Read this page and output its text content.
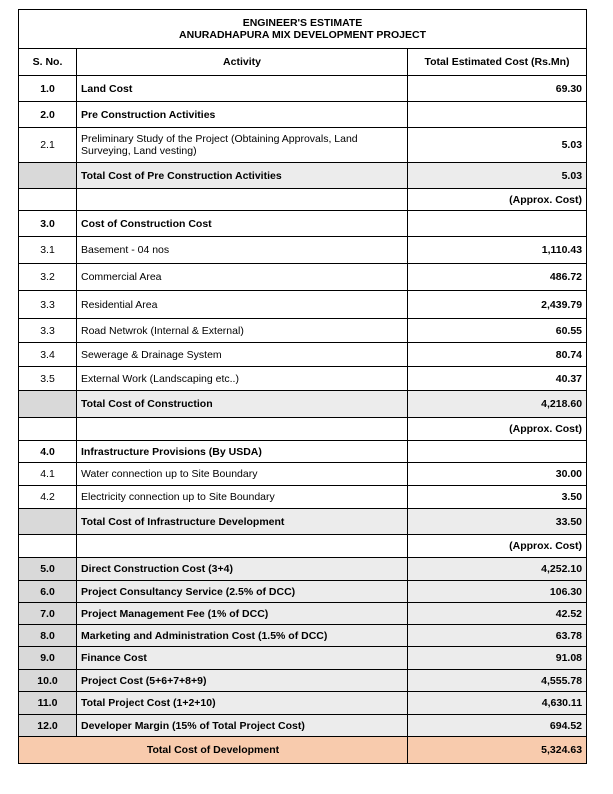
ENGINEER'S ESTIMATE
ANURADHAPURA MIX DEVELOPMENT PROJECT		

S. No.	Activity	Total Estimated Cost (Rs.Mn)
1.0	Land Cost	69.30
2.0	Pre Construction Activities	
2.1	Preliminary Study of the Project (Obtaining Approvals, Land Surveying, Land vesting)	5.03
	Total Cost of Pre Construction Activities	5.03
		(Approx. Cost)
3.0	Cost of Construction Cost	
3.1	Basement - 04 nos	1,110.43
3.2	Commercial Area	486.72
3.3	Residential Area	2,439.79
3.3	Road Netwrok (Internal & External)	60.55
3.4	Sewerage & Drainage System	80.74
3.5	External Work (Landscaping etc..)	40.37
	Total Cost of Construction	4,218.60
		(Approx. Cost)
4.0	Infrastructure Provisions (By USDA)	
4.1	Water connection up to Site Boundary	30.00
4.2	Electricity connection up to Site Boundary	3.50
	Total Cost of Infrastructure Development	33.50
		(Approx. Cost)
5.0	Direct Construction Cost (3+4)	4,252.10
6.0	Project Consultancy Service (2.5% of DCC)	106.30
7.0	Project Management Fee (1% of DCC)	42.52
8.0	Marketing and Administration Cost (1.5% of DCC)	63.78
9.0	Finance Cost	91.08
10.0	Project Cost (5+6+7+8+9)	4,555.78
11.0	Total Project Cost (1+2+10)	4,630.11
12.0	Developer Margin (15% of Total Project Cost)	694.52
Total Cost of Development		5,324.63
